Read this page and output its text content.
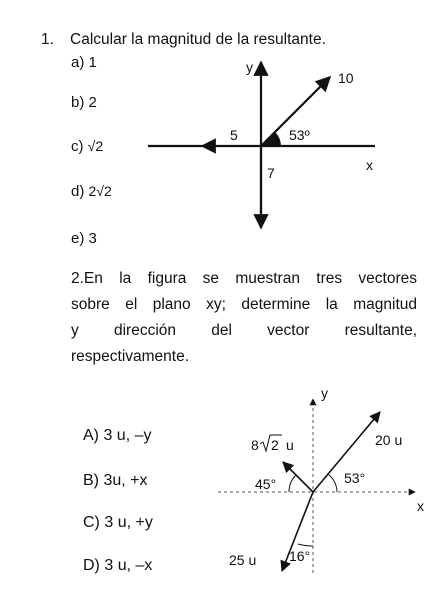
1. Calcular la magnitud de la resultante.
a) 1
b) 2
c) √2
d) 2√2
e) 3
y
10
5	53º
7	x
2.En la figura se muestran tres vectores
sobre el plano xy; determine la magnitud
y dirección del vector resultante,
respectivamente.
A) 3 u, –y
B) 3u, +x
C) 3 u, +y
D) 3 u, –x
y
x
20 u
53°
45°
16°
25 u
8 2 u
